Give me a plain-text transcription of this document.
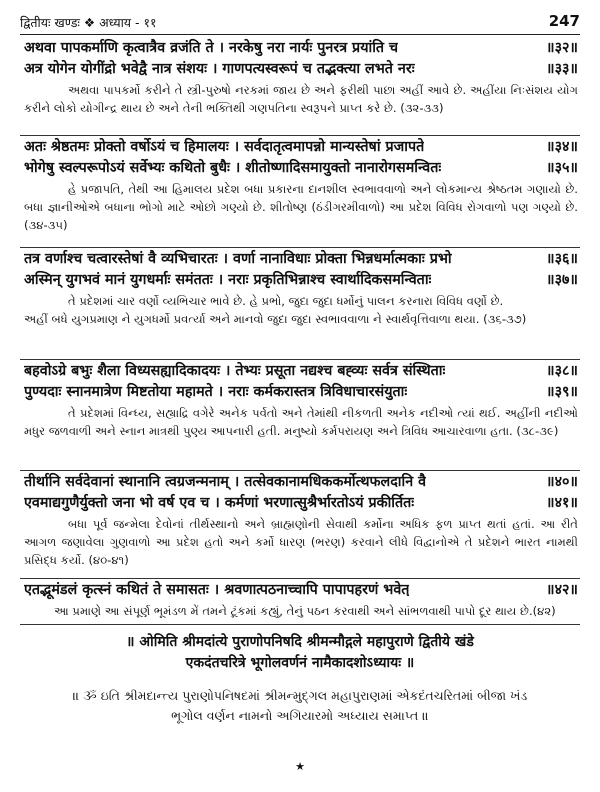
द्वितीयः खण्डः ❖ अध्याय - ११	247
अथवा पापकर्माणि कृत्वात्रैव व्रजंति ते । नरकेषु नरा नार्यः पुनरत्र प्रयांति च	॥३२॥
अत्र योगेन योगींद्रो भवेद्वै नात्र संशयः । गाणपत्यस्वरूपं च तद्भक्त्या लभते नरः	॥३३॥

અથવા પાપકર્મો કરીને તે સ્ત્રી-પુરુષો નરકમાં જાય છે અને ફરીથી પાછા અહીં આવે છે. અહીંયા નિઃસંશય યોગ કરીને લોકો યોગીન્દ્ર થાય છે અને તેની ભક્તિથી ગણપતિના સ્વરૂપને પ્રાપ્ત કરે છે. (૩૨-૩૩)

अतः श्रेष्ठतमः प्रोक्तो वर्षोऽयं च हिमालयः । सर्वदातृत्वमापन्नो मान्यस्तेषां प्रजापते	॥३४॥
भोगेषु स्वल्परूपोऽयं सर्वेभ्यः कथितो बुधैः । शीतोष्णादिसमायुक्तो नानारोगसमन्वितः	॥३५॥

હે પ્રજાપતિ, તેથી આ હિમાલય પ્રદેશ બધા પ્રકારના દાનશીલ સ્વભાવવાળો અને લોકમાન્ય શ્રેષ્ઠતમ ગણાયો છે. બધા જ્ઞાનીઓએ બધાના ભોગો માટે ઓછો ગણ્યો છે. શીતોષ્ણ (ઠંડીગરમીવાળો) આ પ્રદેશ વિવિધ રોગવાળો પણ ગણ્યો છે. (૩૪-૩૫)

तत्र वर्णाश्च चत्वारस्तेषां वै व्यभिचारतः । वर्णा नानाविधाः प्रोक्ता भिन्नधर्मात्मकाः प्रभो	॥३६॥
अस्मिन् युगभवं मानं युगधर्माः समंततः । नराः प्रकृतिभिन्नाश्च स्वार्थादिकसमन्विताः	॥३७॥

તે પ્રદેશમાં ચાર વર્ણો વ્યભિચાર ભાવે છે. હે પ્રભો, જુદા જુદા ધર્મોનું પાલન કરનારા વિવિધ વર્ણો છે.

અહીં બધે યુગપ્રમાણ ને યુગધર્મો પ્રવર્ત્યા અને માનવો જુદા જુદા સ્વભાવવાળા ને સ્વાર્થવૃત્તિવાળા થયા. (૩૬-૩૭)

बहवोऽग्रे बभुः शैला विध्यसह्यादिकादयः । तेभ्यः प्रसूता नद्यश्च बह्व्यः सर्वत्र संस्थिताः	॥३८॥
पुण्यदाः स्नानमात्रेण मिष्टतोया महामते । नराः कर्मकरास्तत्र त्रिविधाचारसंयुताः	॥३९॥

તે પ્રદેશમાં વિન્ધ્ય, સહ્યાદ્રિ વગેરે અનેક પર્વતો અને તેમાંથી નીકળતી અનેક નદીઓ ત્યાં થઈ. અહીંની નદીઓ મધુર જળવાળી અને સ્નાન માત્રથી પુણ્ય આપનારી હતી. મનુષ્યો કર્મપરાયણ અને ત્રિવિધ આચારવાળા હતા. (૩૮-૩૯)

तीर्थानि सर्वदेवानां स्थानानि त्वग्रजन्मनाम् । तत्सेवकानामधिककर्मोत्थफलदानि वै	॥४०॥
एवमाद्यगुणैर्युक्तो जना भो वर्ष एव च । कर्मणां भरणात्सुश्रैर्भारतोऽयं प्रकीर्तितः	॥४१॥

બધા પૂર્વ જન્મેલા દેવોનાં તીર્થસ્થાનો અને બ્રાહ્મણોની સેવાથી કર્મોના અધિક ફળ પ્રાપ્ત થતાં હતાં. આ રીતે આગળ જણાવેલા ગુણવાળો આ પ્રદેશ હતો અને કર્મો ધારણ (ભરણ) કરવાને લીધે વિદ્વાનોએ તે પ્રદેશને ભારત નામથી પ્રસિદ્ધ કર્યો. (૪૦-૪૧)

एतद्भूमंडलं कृत्स्नं कथितं ते समासतः । श्रवणात्पठनाच्चापि पापापहरणं भवेत्	॥४२॥

આ પ્રમાણે આ સંપૂર્ણ ભૂમંડળ મેં તમને ટૂંકમાં કહ્યું, તેનું પઠન કરવાથી અને સાંભળવાથી પાપો દૂર થાય છે.(૪૨)

॥ ओमिति श्रीमदांत्ये पुराणोपनिषदि श्रीमन्मौद्गले महापुराणे द्वितीये खंडे
एकदंतचरित्रे भूगोलवर्णनं नामैकादशोऽध्यायः ॥
॥ ૐ ઇતિ શ્રીમદાન્ત્ય પુરાણોપનિષદમાં શ્રીમન્મુદ્ગલ મહાપુરાણમાં એકદંતચરિતમાં બીજા ખંડ
ભૂગોલ વર્ણન નામનો અગિયારમો અધ્યાય સમાપ્ત ॥
★
